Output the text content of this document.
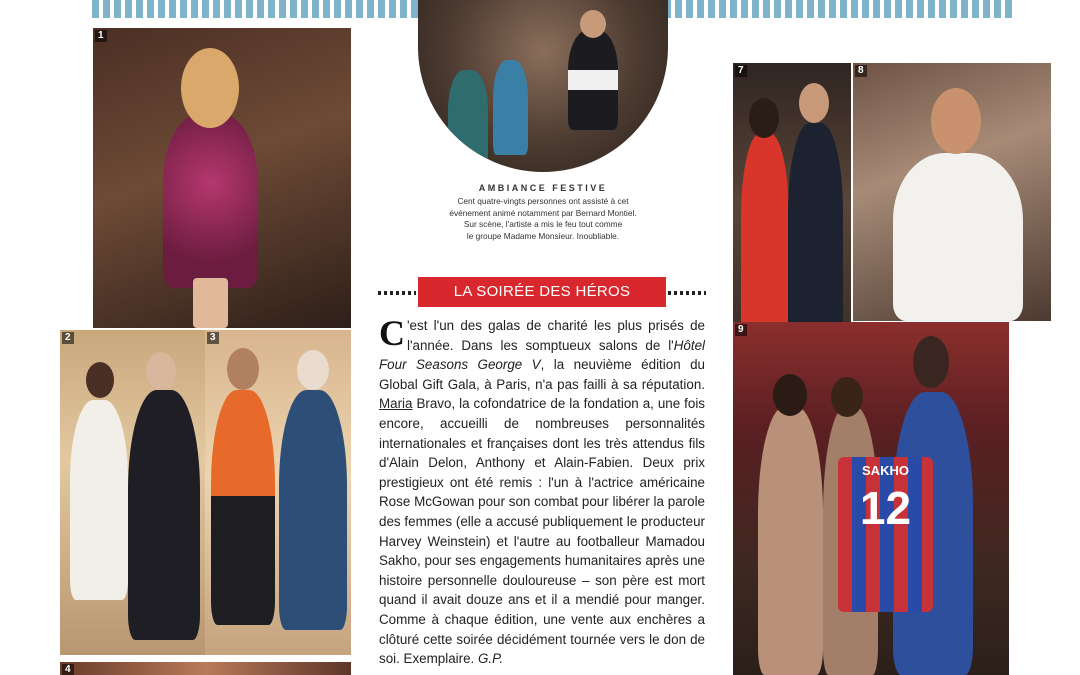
1
2	3
4
AMBIANCE FESTIVE
Cent quatre-vingts personnes ont assisté à cet
événement animé notamment par Bernard Montiel.
Sur scène, l'artiste a mis le feu tout comme
le groupe Madame Monsieur. Inoubliable.
LA SOIRÉE DES HÉROS

C 'est l'un des galas de charité les plus prisés de l'année. Dans les somptueux salons de l'Hôtel Four Seasons George V, la neuvième édition du Global Gift Gala, à Paris, n'a pas failli à sa réputation. Maria Bravo, la cofondatrice de la fondation a, une fois encore, accueilli de nombreuses personnalités internationales et françaises dont les très attendus fils d'Alain Delon, Anthony et Alain-Fabien. Deux prix prestigieux ont été remis : l'un à l'actrice américaine Rose McGowan pour son combat pour libérer la parole des femmes (elle a accusé publiquement le producteur Harvey Weinstein) et l'autre au footballeur Mamadou Sakho, pour ses engagements humanitaires après une histoire personnelle douloureuse – son père est mort quand il avait douze ans et il a mendié pour manger. Comme à chaque édition, une vente aux enchères a clôturé cette soirée décidément tournée vers le don de soi. Exemplaire. G.P.

7	8
9
SAKHO
12
